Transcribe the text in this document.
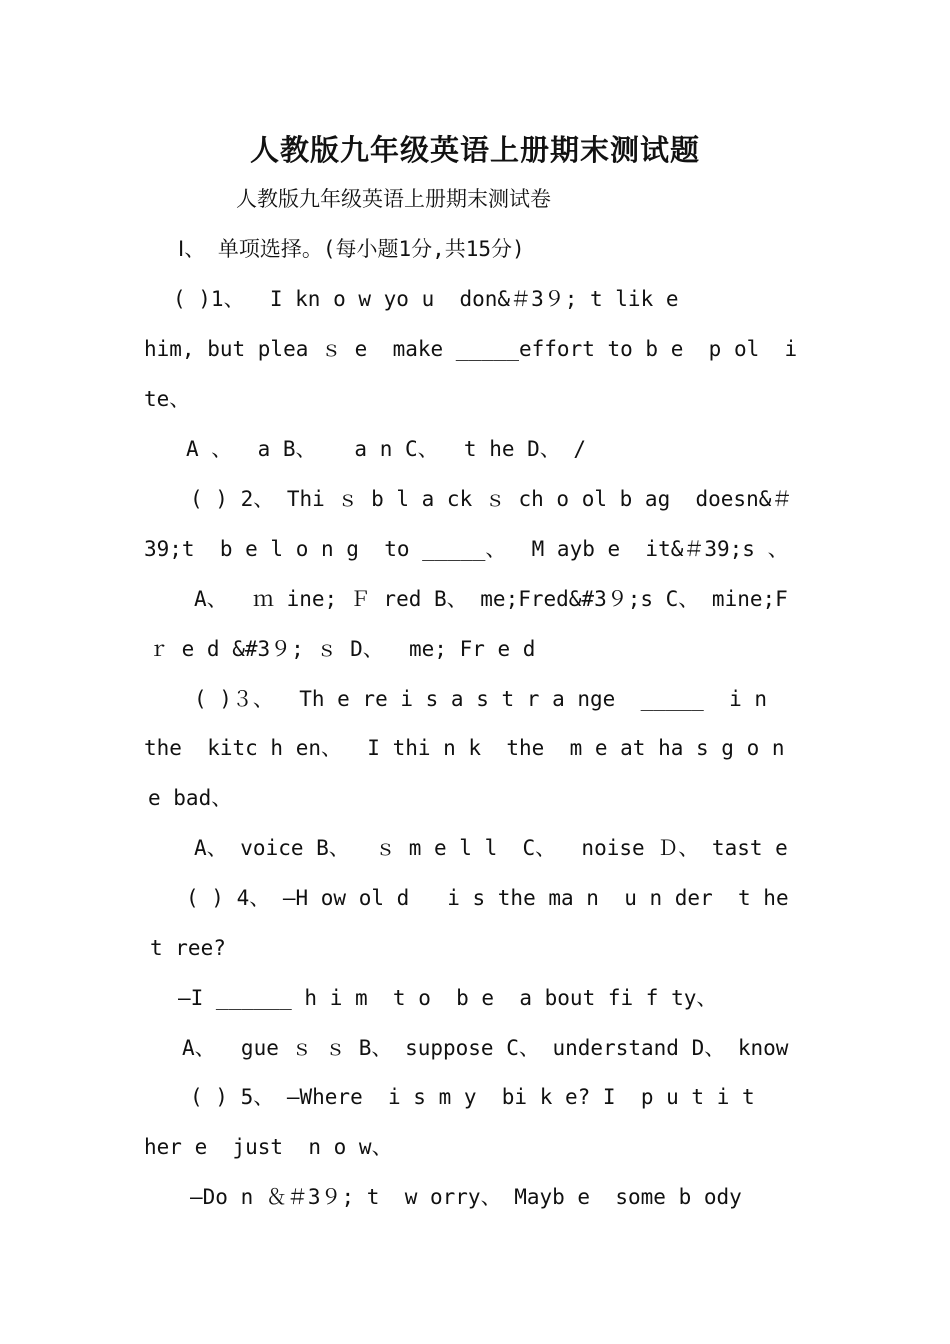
人教版九年级英语上册期末测试题
人教版九年级英语上册期末测试卷
Ⅰ、 单项选择。(每小题1分,共15分)
( )1、  I kn o w yo u  don&＃3９; t lik e
him, but plea ｓ e  make _____effort to b e  p ol  i
te、
A 、  a B、   a n C、  t he D、 /
( ) 2、 Thi ｓ b l a ck ｓ ch o ol b ag  doesn&＃
39;t  b e l o n g  to _____、  M ayb e  it&＃39;s 、
A、  ｍ ine; Ｆ red B、 me;Fred&#3９;s C、 mine;F
ｒ e d &#3９; ｓ D、  me; Fr e d
( )３、  Th e re i s a s t r a nge  _____  i n
the  kitc h en、  I thi n k  the  m e at ha s g o n
e bad、
A、 voice B、  ｓ m e l l  C、  noise Ｄ、 tast e
( ) 4、 —H ow ol d   i s the ma n  u n der  t he
t ree?
—I ______ h i m  t o  b e  a bout fi f ty、
A、  gue ｓ ｓ B、 suppose C、 understand D、 know
( ) 5、 —Where  i s m y  bi k e? I  p u t i t
her e  just  n o w、
—Do n ＆＃3９; t  w orry、 Mayb e  some b ody
